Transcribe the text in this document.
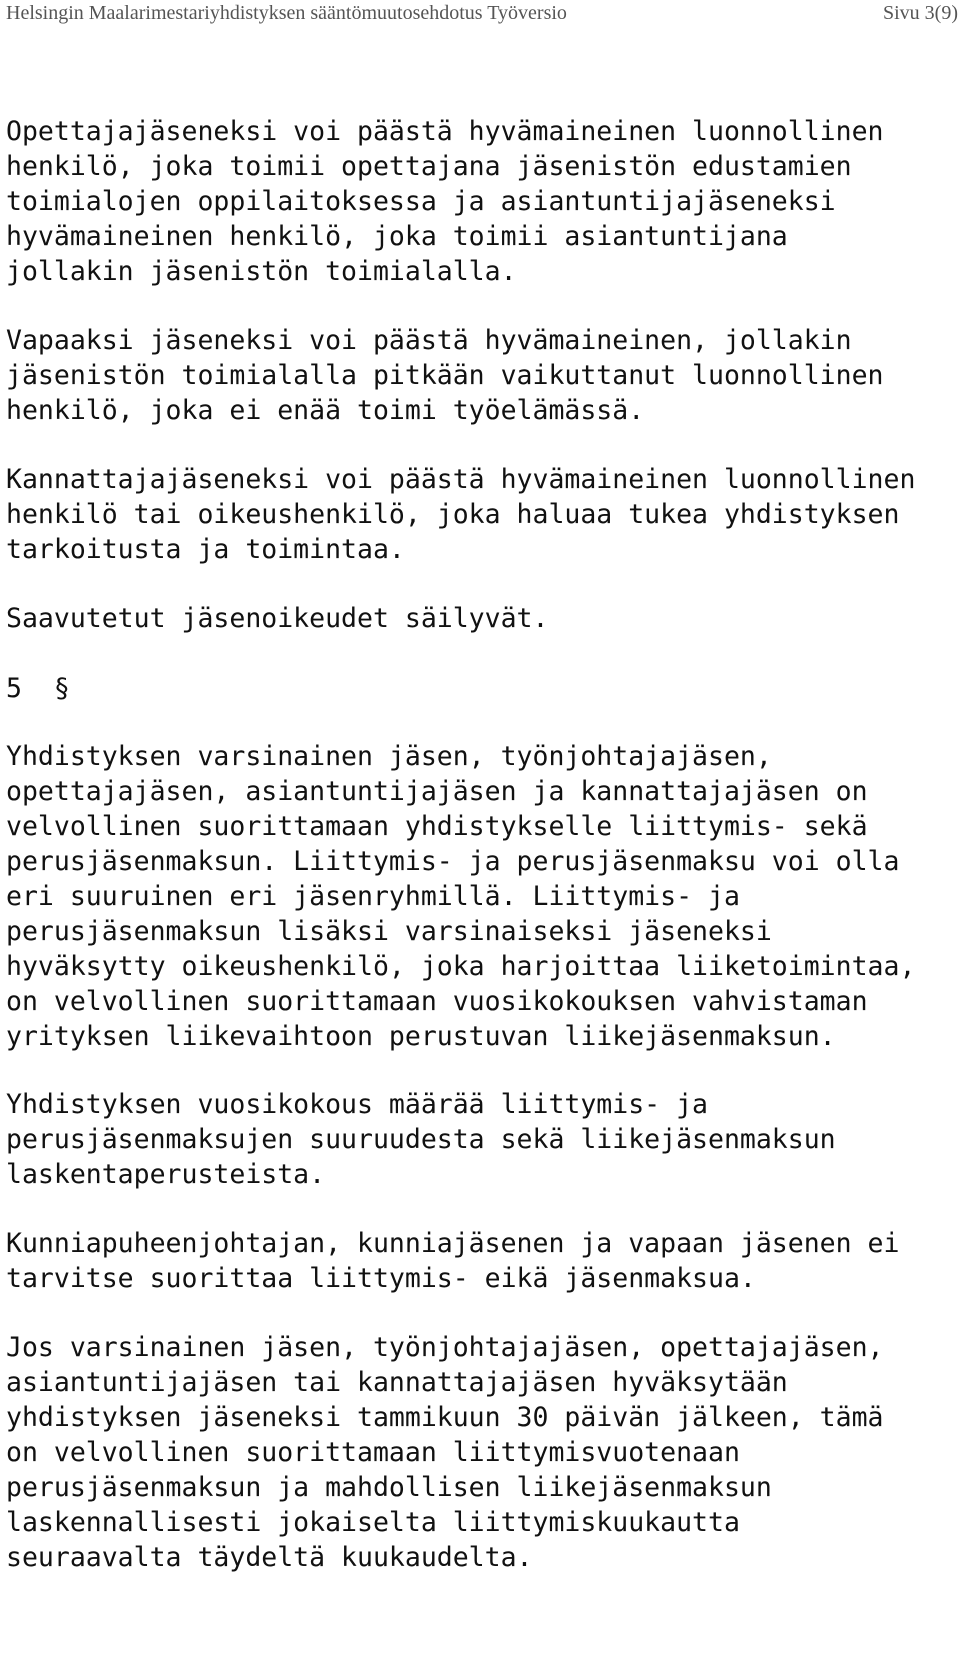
Helsingin Maalarimestariyhdistyksen sääntömuutosehdotus Työversio	Sivu 3(9)
Opettajajäseneksi voi päästä hyvämaineinen luonnollinen
henkilö, joka toimii opettajana jäsenistön edustamien
toimialojen oppilaitoksessa ja asiantuntijajäseneksi
hyvämaineinen henkilö, joka toimii asiantuntijana
jollakin jäsenistön toimialalla.
Vapaaksi jäseneksi voi päästä hyvämaineinen, jollakin
jäsenistön toimialalla pitkään vaikuttanut luonnollinen
henkilö, joka ei enää toimi työelämässä.
Kannattajajäseneksi voi päästä hyvämaineinen luonnollinen
henkilö tai oikeushenkilö, joka haluaa tukea yhdistyksen
tarkoitusta ja toimintaa.
Saavutetut jäsenoikeudet säilyvät.
5  §
Yhdistyksen varsinainen jäsen, työnjohtajajäsen,
opettajajäsen, asiantuntijajäsen ja kannattajajäsen on
velvollinen suorittamaan yhdistykselle liittymis- sekä
perusjäsenmaksun. Liittymis- ja perusjäsenmaksu voi olla
eri suuruinen eri jäsenryhmillä. Liittymis- ja
perusjäsenmaksun lisäksi varsinaiseksi jäseneksi
hyväksytty oikeushenkilö, joka harjoittaa liiketoimintaa,
on velvollinen suorittamaan vuosikokouksen vahvistaman
yrityksen liikevaihtoon perustuvan liikejäsenmaksun.
Yhdistyksen vuosikokous määrää liittymis- ja
perusjäsenmaksujen suuruudesta sekä liikejäsenmaksun
laskentaperusteista.
Kunniapuheenjohtajan, kunniajäsenen ja vapaan jäsenen ei
tarvitse suorittaa liittymis- eikä jäsenmaksua.
Jos varsinainen jäsen, työnjohtajajäsen, opettajajäsen,
asiantuntijajäsen tai kannattajajäsen hyväksytään
yhdistyksen jäseneksi tammikuun 30 päivän jälkeen, tämä
on velvollinen suorittamaan liittymisvuotenaan
perusjäsenmaksun ja mahdollisen liikejäsenmaksun
laskennallisesti jokaiselta liittymiskuukautta
seuraavalta täydeltä kuukaudelta.
